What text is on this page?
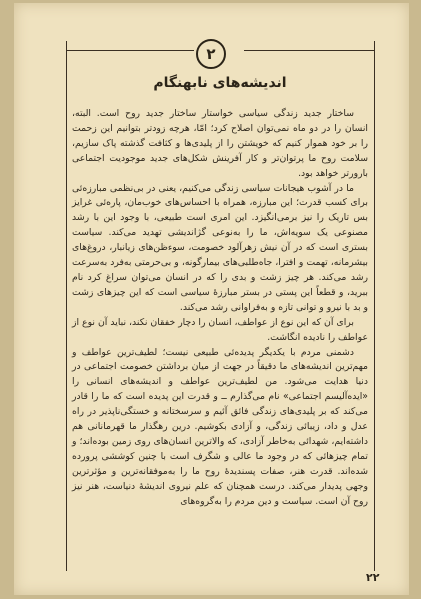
۲
اندیشه‌های نابهنگام

ساختار جدید زندگی سیاسی خواستار ساختار جدید روح است. البته، انسان را در دو ماه نمی‌توان اصلاح کرد؛ امّا، هرچه زودتر بتوانیم این زحمت را بر خود هموار کنیم که خویشتن را از پلیدی‌ها و کثافت گذشته پاک سازیم، سلامت روح ما پرتوان‌تر و کار آفرینش شکل‌های جدید موجودیت اجتماعی بارورتر خواهد بود.

ما در آشوب هیجانات سیاسی زندگی می‌کنیم، یعنی در بی‌نظمی مبارزه‌ئی برای کسب قدرت؛ این مبارزه، همراه با احساس‌های خوب‌مان، پاره‌ئی غرایز بس تاریک را نیز برمی‌انگیزد. این امری است طبیعی، با وجود این با رشد مصنوعی یک سویه‌اش، ما را به‌نوعی گژاندیشی تهدید می‌کند. سیاست بستری است که در آن نیش زهرآلود خصومت، سوءظن‌های زیانبار، دروغ‌های بیشرمانه، تهمت و افترا، جاه‌طلبی‌های بیمارگونه، و بی‌حرمتی به‌فرد به‌سرعت رشد می‌کند. هر چیز زشت و بدی را که در انسان می‌توان سراغ کرد نام ببرید، و قطعاً این پستی در بستر مبارزهٔ سیاسی است که این چیزهای زشت و بد با نیرو و توانی تازه و به‌فراوانی رشد می‌کند.

برای آن که این نوع از عواطف، انسان را دچار خفقان نکند، نباید آن نوع از عواطف را نادیده انگاشت.

دشمنی مردم با یکدیگر پدیده‌ئی طبیعی نیست؛ لطیف‌ترین عواطف و مهم‌ترین اندیشه‌های ما دقیقاً در جهت از میان برداشتن خصومت اجتماعی در دنیا هدایت می‌شود. من لطیف‌ترین عواطف و اندیشه‌های انسانی را «ایده‌آلیسم اجتماعی» نام می‌گذارم ــ و قدرت این پدیده است که ما را قادر می‌کند که بر پلیدی‌های زندگی فائق آئیم و سرسختانه و خستگی‌ناپذیر در راه عدل و داد، زیبائی زندگی، و آزادی بکوشیم. درین رهگذار ما قهرمانانی هم داشته‌ایم، شهدائی به‌خاطر آزادی، که والاترین انسان‌های روی زمین بوده‌اند؛ و تمام چیزهائی که در وجود ما عالی و شگرف است با چنین کوششی پرورده شده‌اند. قدرت هنر، صفات پسندیدهٔ روح ما را به‌موفقانه‌ترین و مؤثرترین وجهی پدیدار می‌کند. درست همچنان که علم نیروی اندیشهٔ دنیاست، هنر نیز روح آن است. سیاست و دین مردم را به‌گروه‌های

۲۲
